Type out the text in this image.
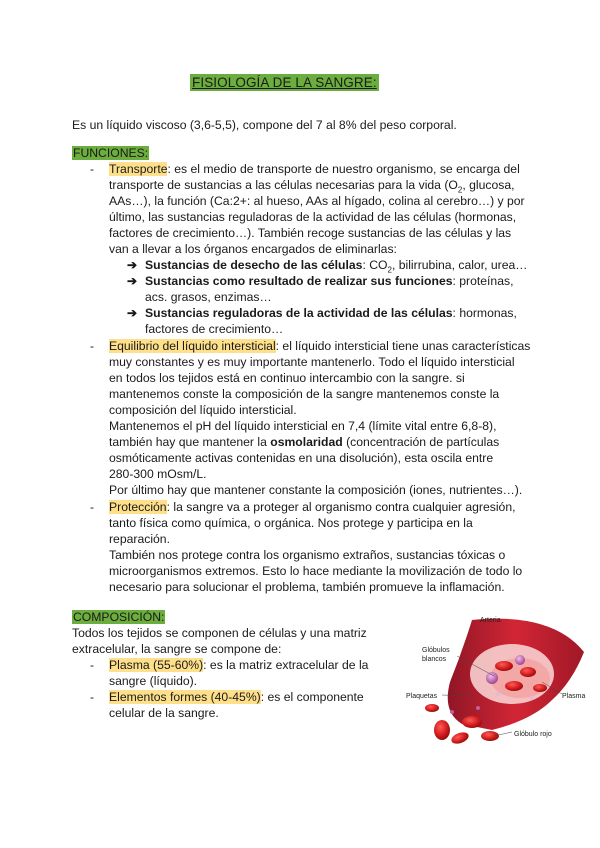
FISIOLOGÍA DE LA SANGRE:
Es un líquido viscoso (3,6-5,5), compone del 7 al 8% del peso corporal.
FUNCIONES:
- Transporte: es el medio de transporte de nuestro organismo, se encarga del
transporte de sustancias a las células necesarias para la vida ($O_2$, glucosa,
AAs…), la función (Ca:2+: al hueso, AAs al hígado, colina al cerebro…) y por
último, las sustancias reguladoras de la actividad de las células (hormonas,
factores de crecimiento…). También recoge sustancias de las células y las
van a llevar a los órganos encargados de eliminarlas:
➔ Sustancias de desecho de las células: $CO_2$, bilirrubina, calor, urea…
➔ Sustancias como resultado de realizar sus funciones: proteínas,
acs. grasos, enzimas…
➔ Sustancias reguladoras de la actividad de las células: hormonas,
factores de crecimiento…
- Equilibrio del líquido intersticial: el líquido intersticial tiene unas características
muy constantes y es muy importante mantenerlo. Todo el líquido intersticial
en todos los tejidos está en continuo intercambio con la sangre. si
mantenemos conste la composición de la sangre mantenemos conste la
composición del líquido intersticial.
Mantenemos el pH del líquido intersticial en 7,4 (límite vital entre 6,8-8),
también hay que mantener la osmolaridad (concentración de partículas
osmóticamente activas contenidas en una disolución), esta oscila entre
280-300 mOsm/L.
Por último hay que mantener constante la composición (iones, nutrientes…).
- Protección: la sangre va a proteger al organismo contra cualquier agresión,
tanto física como química, o orgánica. Nos protege y participa en la
reparación.
También nos protege contra los organismo extraños, sustancias tóxicas o
microorganismos extremos. Esto lo hace mediante la movilización de todo lo
necesario para solucionar el problema, también promueve la inflamación.
COMPOSICIÓN:
Todos los tejidos se componen de células y una matriz
extracelular, la sangre se compone de:
- Plasma (55-60%): es la matriz extracelular de la
sangre (líquido).
- Elementos formes (40-45%): es el componente
celular de la sangre.
Arteria
Glóbulos
blancos
Plaquetas	Plasma
Glóbulo rojo
